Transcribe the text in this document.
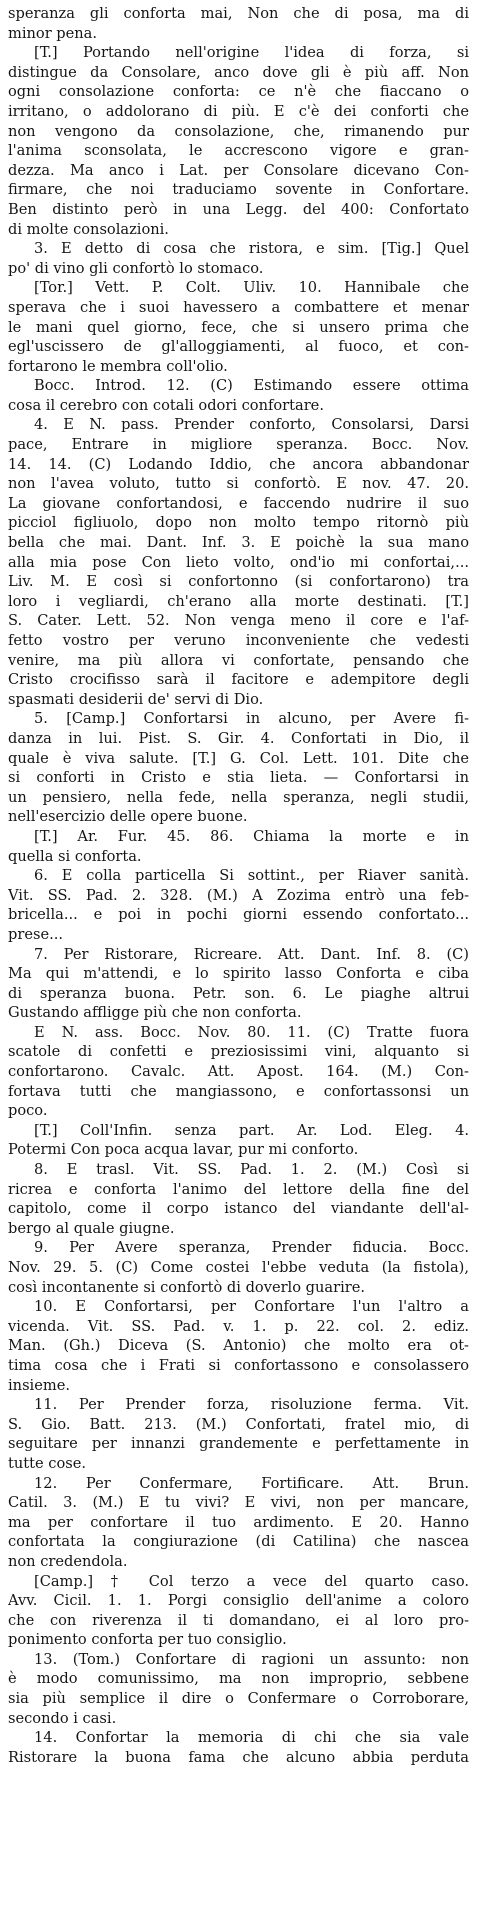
speranza gli conforta mai, Non che di posa, ma di
minor pena.
[T.] Portando nell'origine l'idea di forza, si
distingue da Consolare, anco dove gli è più aff. Non
ogni consolazione conforta: ce n'è che fiaccano o
irritano, o addolorano di più. E c'è dei conforti che
non vengono da consolazione, che, rimanendo pur
l'anima sconsolata, le accrescono vigore e gran-
dezza. Ma anco i Lat. per Consolare dicevano Con-
firmare, che noi traduciamo sovente in Confortare.
Ben distinto però in una Legg. del 400: Confortato
di molte consolazioni.
3. E detto di cosa che ristora, e sim. [Tig.] Quel
po' di vino gli confortò lo stomaco.
[Tor.] Vett. P. Colt. Uliv. 10. Hannibale che
sperava che i suoi havessero a combattere et menar
le mani quel giorno, fece, che si unsero prima che
egl'uscissero de gl'alloggiamenti, al fuoco, et con-
fortarono le membra coll'olio.
Bocc. Introd. 12. (C) Estimando essere ottima
cosa il cerebro con cotali odori confortare.
4. E N. pass. Prender conforto, Consolarsi, Darsi
pace, Entrare in migliore speranza. Bocc. Nov.
14. 14. (C) Lodando Iddio, che ancora abbandonar
non l'avea voluto, tutto si confortò. E nov. 47. 20.
La giovane confortandosi, e faccendo nudrire il suo
picciol figliuolo, dopo non molto tempo ritornò più
bella che mai. Dant. Inf. 3. E poichè la sua mano
alla mia pose Con lieto volto, ond'io mi confortai,...
Liv. M. E così si confortonno (si confortarono) tra
loro i vegliardi, ch'erano alla morte destinati. [T.]
S. Cater. Lett. 52. Non venga meno il core e l'af-
fetto vostro per veruno inconveniente che vedesti
venire, ma più allora vi confortate, pensando che
Cristo crocifisso sarà il facitore e adempitore degli
spasmati desiderii de' servi di Dio.
5. [Camp.] Confortarsi in alcuno, per Avere fi-
danza in lui. Pist. S. Gir. 4. Confortati in Dio, il
quale è viva salute. [T.] G. Col. Lett. 101. Dite che
si conforti in Cristo e stia lieta. — Confortarsi in
un pensiero, nella fede, nella speranza, negli studii,
nell'esercizio delle opere buone.
[T.] Ar. Fur. 45. 86. Chiama la morte e in
quella si conforta.
6. E colla particella Si sottint., per Riaver sanità.
Vit. SS. Pad. 2. 328. (M.) A Zozima entrò una feb-
bricella... e poi in pochi giorni essendo confortato...
prese...
7. Per Ristorare, Ricreare. Att. Dant. Inf. 8. (C)
Ma qui m'attendi, e lo spirito lasso Conforta e ciba
di speranza buona. Petr. son. 6. Le piaghe altrui
Gustando affligge più che non conforta.
E N. ass. Bocc. Nov. 80. 11. (C) Tratte fuora
scatole di confetti e preziosissimi vini, alquanto si
confortarono. Cavalc. Att. Apost. 164. (M.) Con-
fortava tutti che mangiassono, e confortassonsi un
poco.
[T.] Coll'Infin. senza part. Ar. Lod. Eleg. 4.
Potermi Con poca acqua lavar, pur mi conforto.
8. E trasl. Vit. SS. Pad. 1. 2. (M.) Così si
ricrea e conforta l'animo del lettore della fine del
capitolo, come il corpo istanco del viandante dell'al-
bergo al quale giugne.
9. Per Avere speranza, Prender fiducia. Bocc.
Nov. 29. 5. (C) Come costei l'ebbe veduta (la fistola),
così incontanente si confortò di doverlo guarire.
10. E Confortarsi, per Confortare l'un l'altro a
vicenda. Vit. SS. Pad. v. 1. p. 22. col. 2. ediz.
Man. (Gh.) Diceva (S. Antonio) che molto era ot-
tima cosa che i Frati si confortassono e consolassero
insieme.
11. Per Prender forza, risoluzione ferma. Vit.
S. Gio. Batt. 213. (M.) Confortati, fratel mio, di
seguitare per innanzi grandemente e perfettamente in
tutte cose.
12. Per Confermare, Fortificare. Att. Brun.
Catil. 3. (M.) E tu vivi? E vivi, non per mancare,
ma per confortare il tuo ardimento. E 20. Hanno
confortata la congiurazione (di Catilina) che nascea
non credendola.
[Camp.] † Col terzo a vece del quarto caso.
Avv. Cicil. 1. 1. Porgi consiglio dell'anime a coloro
che con riverenza il ti domandano, ei al loro pro-
ponimento conforta per tuo consiglio.
13. (Tom.) Confortare di ragioni un assunto: non
è modo comunissimo, ma non improprio, sebbene
sia più semplice il dire o Confermare o Corroborare,
secondo i casi.
14. Confortar la memoria di chi che sia vale
Ristorare la buona fama che alcuno abbia perduta
